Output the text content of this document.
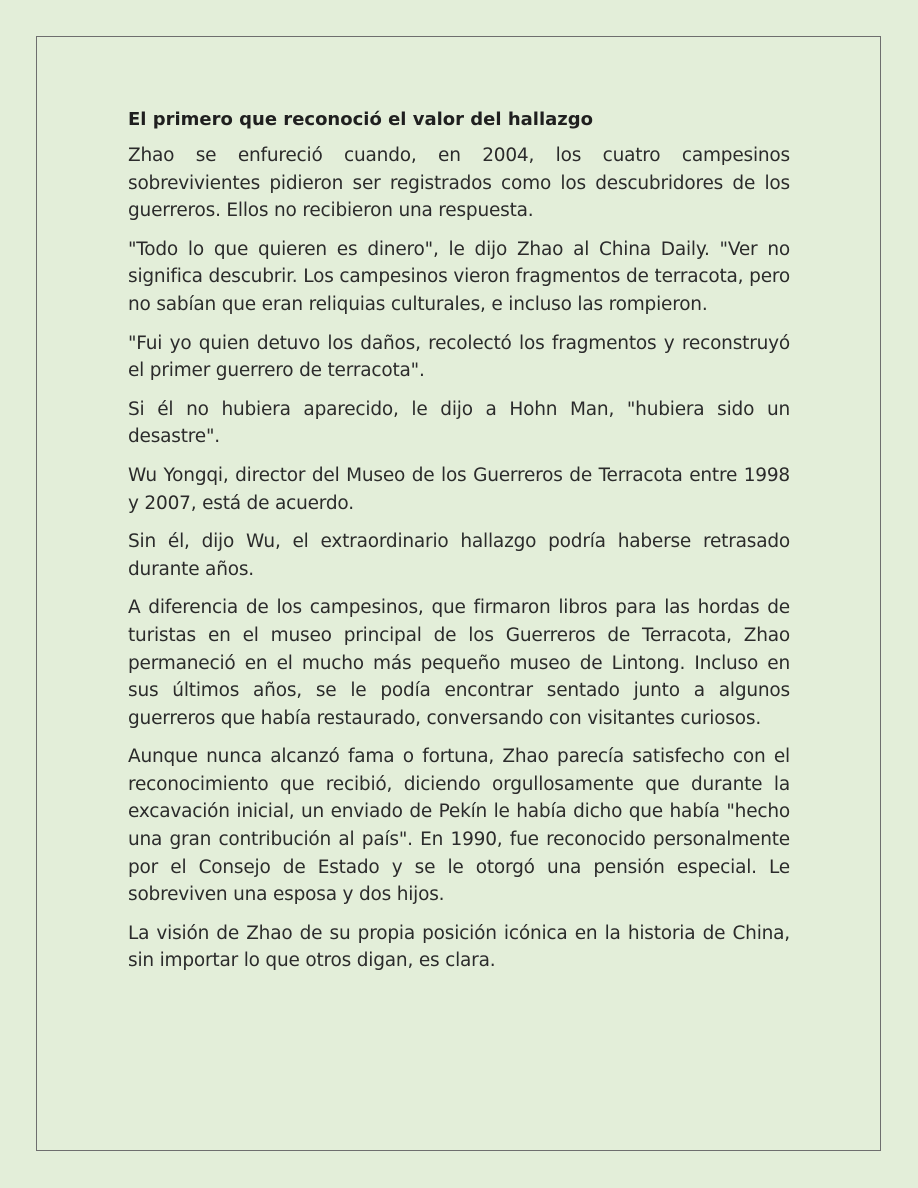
El primero que reconoció el valor del hallazgo

Zhao se enfureció cuando, en 2004, los cuatro campesinos sobrevivientes pidieron ser registrados como los descubridores de los guerreros. Ellos no recibieron una respuesta.

"Todo lo que quieren es dinero", le dijo Zhao al China Daily. "Ver no significa descubrir. Los campesinos vieron fragmentos de terracota, pero no sabían que eran reliquias culturales, e incluso las rompieron.

"Fui yo quien detuvo los daños, recolectó los fragmentos y reconstruyó el primer guerrero de terracota".

Si él no hubiera aparecido, le dijo a Hohn Man, "hubiera sido un desastre".

Wu Yongqi, director del Museo de los Guerreros de Terracota entre 1998 y 2007, está de acuerdo.

Sin él, dijo Wu, el extraordinario hallazgo podría haberse retrasado durante años.

A diferencia de los campesinos, que firmaron libros para las hordas de turistas en el museo principal de los Guerreros de Terracota, Zhao permaneció en el mucho más pequeño museo de Lintong. Incluso en sus últimos años, se le podía encontrar sentado junto a algunos guerreros que había restaurado, conversando con visitantes curiosos.

Aunque nunca alcanzó fama o fortuna, Zhao parecía satisfecho con el reconocimiento que recibió, diciendo orgullosamente que durante la excavación inicial, un enviado de Pekín le había dicho que había "hecho una gran contribución al país". En 1990, fue reconocido personalmente por el Consejo de Estado y se le otorgó una pensión especial. Le sobreviven una esposa y dos hijos.

La visión de Zhao de su propia posición icónica en la historia de China, sin importar lo que otros digan, es clara.
